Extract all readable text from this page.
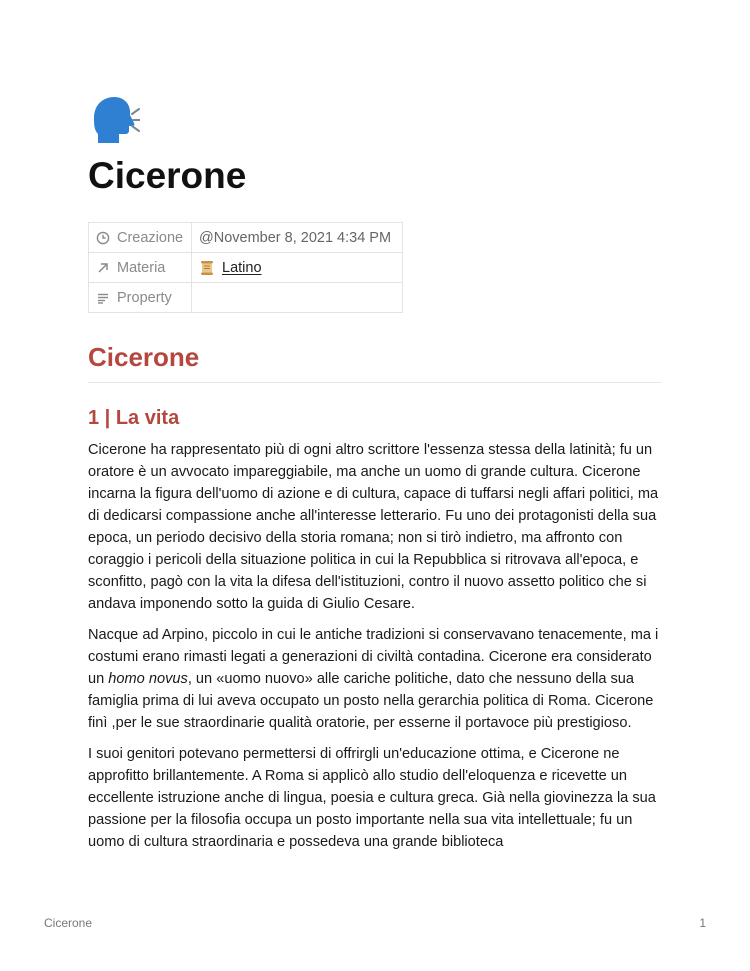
Cicerone
Creazione	@November 8, 2021 4:34 PM

Materia	Latino

Property	

Cicerone
1 | La vita

Cicerone ha rappresentato più di ogni altro scrittore l'essenza stessa della latinità; fu un oratore è un avvocato impareggiabile, ma anche un uomo di grande cultura. Cicerone incarna la figura dell'uomo di azione e di cultura, capace di tuffarsi negli affari politici, ma di dedicarsi compassione anche all'interesse letterario. Fu uno dei protagonisti della sua epoca, un periodo decisivo della storia romana; non si tirò indietro, ma affronto con coraggio i pericoli della situazione politica in cui la Repubblica si ritrovava all'epoca, e sconfitto, pagò con la vita la difesa dell'istituzioni, contro il nuovo assetto politico che si andava imponendo sotto la guida di Giulio Cesare.

Nacque ad Arpino, piccolo in cui le antiche tradizioni si conservavano tenacemente, ma i costumi erano rimasti legati a generazioni di civiltà contadina. Cicerone era considerato un homo novus, un «uomo nuovo» alle cariche politiche, dato che nessuno della sua famiglia prima di lui aveva occupato un posto nella gerarchia politica di Roma. Cicerone finì ,per le sue straordinarie qualità oratorie, per esserne il portavoce più prestigioso.

I suoi genitori potevano permettersi di offrirgli un'educazione ottima, e Cicerone ne approfitto brillantemente. A Roma si applicò allo studio dell'eloquenza e ricevette un eccellente istruzione anche di lingua, poesia e cultura greca. Già nella giovinezza la sua passione per la filosofia occupa un posto importante nella sua vita intellettuale; fu un uomo di cultura straordinaria e possedeva una grande biblioteca

Cicerone	1
